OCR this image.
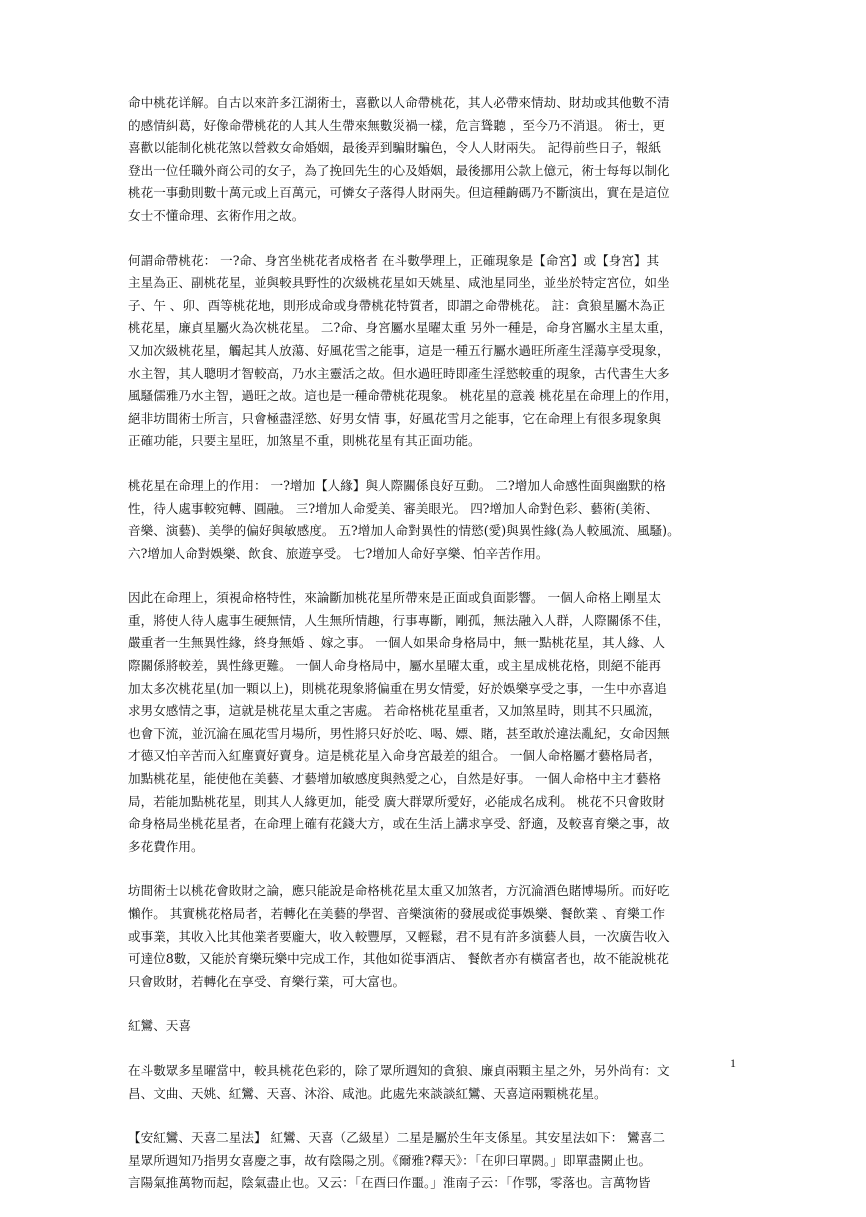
命中桃花详解。自古以來許多江湖術士，喜歡以人命帶桃花，其人必帶來情劫、財劫或其他數不清
的感情糾葛，好像命帶桃花的人其人生帶來無數災禍一樣，危言聳聽 ，至今乃不消退。 術士，更
喜歡以能制化桃花煞以營救女命婚姻，最後弄到騙財騙色，令人人財兩失。 記得前些日子，報紙
登出一位任職外商公司的女子，為了挽回先生的心及婚姻，最後挪用公款上億元，術士每每以制化
桃花一事動則數十萬元或上百萬元，可憐女子落得人財兩失。但這種齣碼乃不斷演出，實在是這位
女士不懂命理、玄術作用之故。
何謂命帶桃花： 一?命、身宮坐桃花者成格者 在斗數學理上，正確現象是【命宮】或【身宮】其
主星為正、副桃花星，並與較具野性的次級桃花星如天姚星、咸池星同坐，並坐於特定宮位，如坐
子、午 、卯、酉等桃花地，則形成命或身帶桃花特質者，即謂之命帶桃花。 註：貪狼星屬木為正
桃花星，廉貞星屬火為次桃花星。 二?命、身宮屬水星曜太重 另外一種是，命身宮屬水主星太重，
又加次級桃花星，觸起其人放蕩、好風花雪之能事，這是一種五行屬水過旺所產生淫蕩享受現象，
水主智，其人聰明才智較高，乃水主靈活之故。但水過旺時即產生淫慾較重的現象，古代書生大多
風騷儒雅乃水主智，過旺之故。這也是一種命帶桃花現象。 桃花星的意義 桃花星在命理上的作用，
絕非坊間術士所言，只會極盡淫慾、好男女情 事，好風花雪月之能事，它在命理上有很多現象與
正確功能，只要主星旺，加煞星不重，則桃花星有其正面功能。
桃花星在命理上的作用： 一?增加【人緣】與人際關係良好互動。 二?增加人命感性面與幽默的格
性，待人處事較宛轉、圓融。 三?增加人命愛美、審美眼光。 四?增加人命對色彩、藝術(美術、
音樂、演藝)、美學的偏好與敏感度。 五?增加人命對異性的情慾(愛)與異性緣(為人較風流、風騷)。
六?增加人命對娛樂、飲食、旅遊享受。 七?增加人命好享樂、怕辛苦作用。
因此在命理上，須視命格特性，來論斷加桃花星所帶來是正面或負面影響。 一個人命格上剛星太
重，將使人待人處事生硬無情，人生無所情趣，行事專斷，剛孤，無法融入人群，人際關係不佳，
嚴重者一生無異性緣，終身無婚 、嫁之事。 一個人如果命身格局中，無一點桃花星，其人緣、人
際關係將較差，異性緣更難。 一個人命身格局中，屬水星曜太重，或主星成桃花格，則絕不能再
加太多次桃花星(加一顆以上)，則桃花現象將偏重在男女情愛，好於娛樂享受之事，一生中亦喜追
求男女感情之事，這就是桃花星太重之害處。 若命格桃花星重者，又加煞星時，則其不只風流，
也會下流，並沉淪在風花雪月場所，男性將只好於吃、喝、嫖、賭，甚至敢於違法亂紀，女命因無
才德又怕辛苦而入紅塵賣好賣身。這是桃花星入命身宮最差的組合。 一個人命格屬才藝格局者，
加點桃花星，能使他在美藝、才藝增加敏感度與熱愛之心，自然是好事。 一個人命格中主才藝格
局，若能加點桃花星，則其人人緣更加，能受 廣大群眾所愛好，必能成名成利。 桃花不只會敗財
命身格局坐桃花星者，在命理上確有花錢大方，或在生活上講求享受、舒適，及較喜育樂之事，故
多花費作用。
坊間術士以桃花會敗財之論，應只能說是命格桃花星太重又加煞者，方沉淪酒色賭博場所。而好吃
懶作。 其實桃花格局者，若轉化在美藝的學習、音樂演術的發展或從事娛樂、餐飲業 、育樂工作
或事業，其收入比其他業者要龐大，收入較豐厚，又輕鬆，君不見有許多演藝人員，一次廣告收入
可達位8數，又能於育樂玩樂中完成工作，其他如從事酒店、 餐飲者亦有橫富者也，故不能說桃花
只會敗財，若轉化在享受、育樂行業，可大富也。
紅鸞、天喜
在斗數眾多星曜當中，較具桃花色彩的，除了眾所週知的貪狼、廉貞兩顆主星之外，另外尚有：文
昌、文曲、天姚、紅鸞、天喜、沐浴、咸池。此處先來談談紅鸞、天喜這兩顆桃花星。
【安紅鸞、天喜二星法】 紅鸞、天喜（乙級星）二星是屬於生年支係星。其安星法如下： 鸞喜二
星眾所週知乃指男女喜慶之事，故有陰陽之別。《爾雅?釋天》：「在卯曰單閼。」即單盡闕止也。
言陽氣推萬物而起，陰氣盡止也。又云：「在酉曰作噩。」淮南子云：「作鄂，零落也。言萬物皆
1
